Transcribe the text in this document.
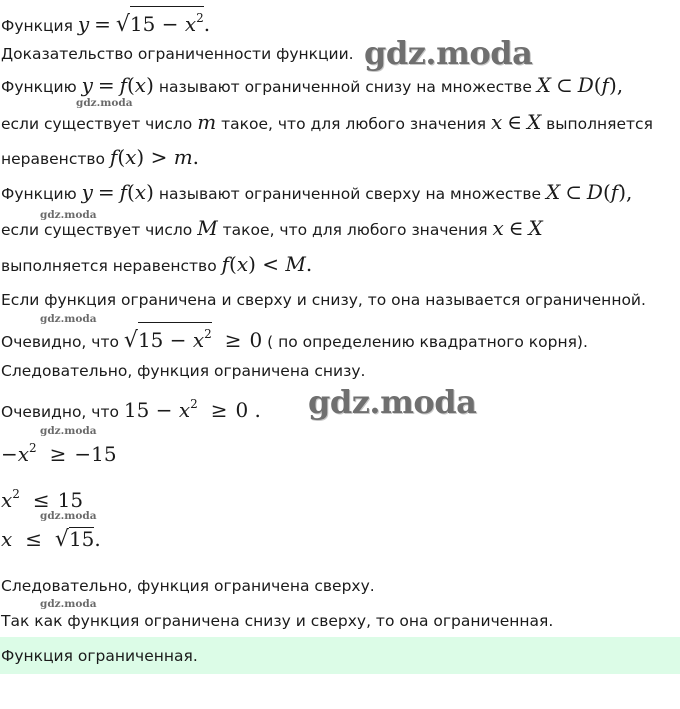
Функция $y = √15 - x^2$.
Доказательство ограниченности функции.
Функцию y = f(x) называют ограниченной снизу на множестве X ⊂ D(f),
если существует число m такое, что для любого значения x ∈ X выполняется
неравенство f(x) > m.
Функцию y = f(x) называют ограниченной сверху на множестве X ⊂ D(f),
если существует число M такое, что для любого значения x ∈ X
выполняется неравенство f(x) < M.
Если функция ограничена и сверху и снизу, то она называется ограниченной.
Очевидно, что $√15 - x^2 \ge 0$ ( по определению квадратного корня).
Следовательно, функция ограничена снизу.
Очевидно, что $15 - x^2 \ge 0$ .
$-x^2 \ge -15$
$x^2 \le 15$
x ≤ √15.
Следовательно, функция ограничена сверху.
Так как функция ограничена снизу и сверху, то она ограниченная.
Функция ограниченная.
gdz.moda
gdz.moda
gdz.moda
gdz.moda
gdz.moda
gdz.moda
gdz.moda
gdz.moda
